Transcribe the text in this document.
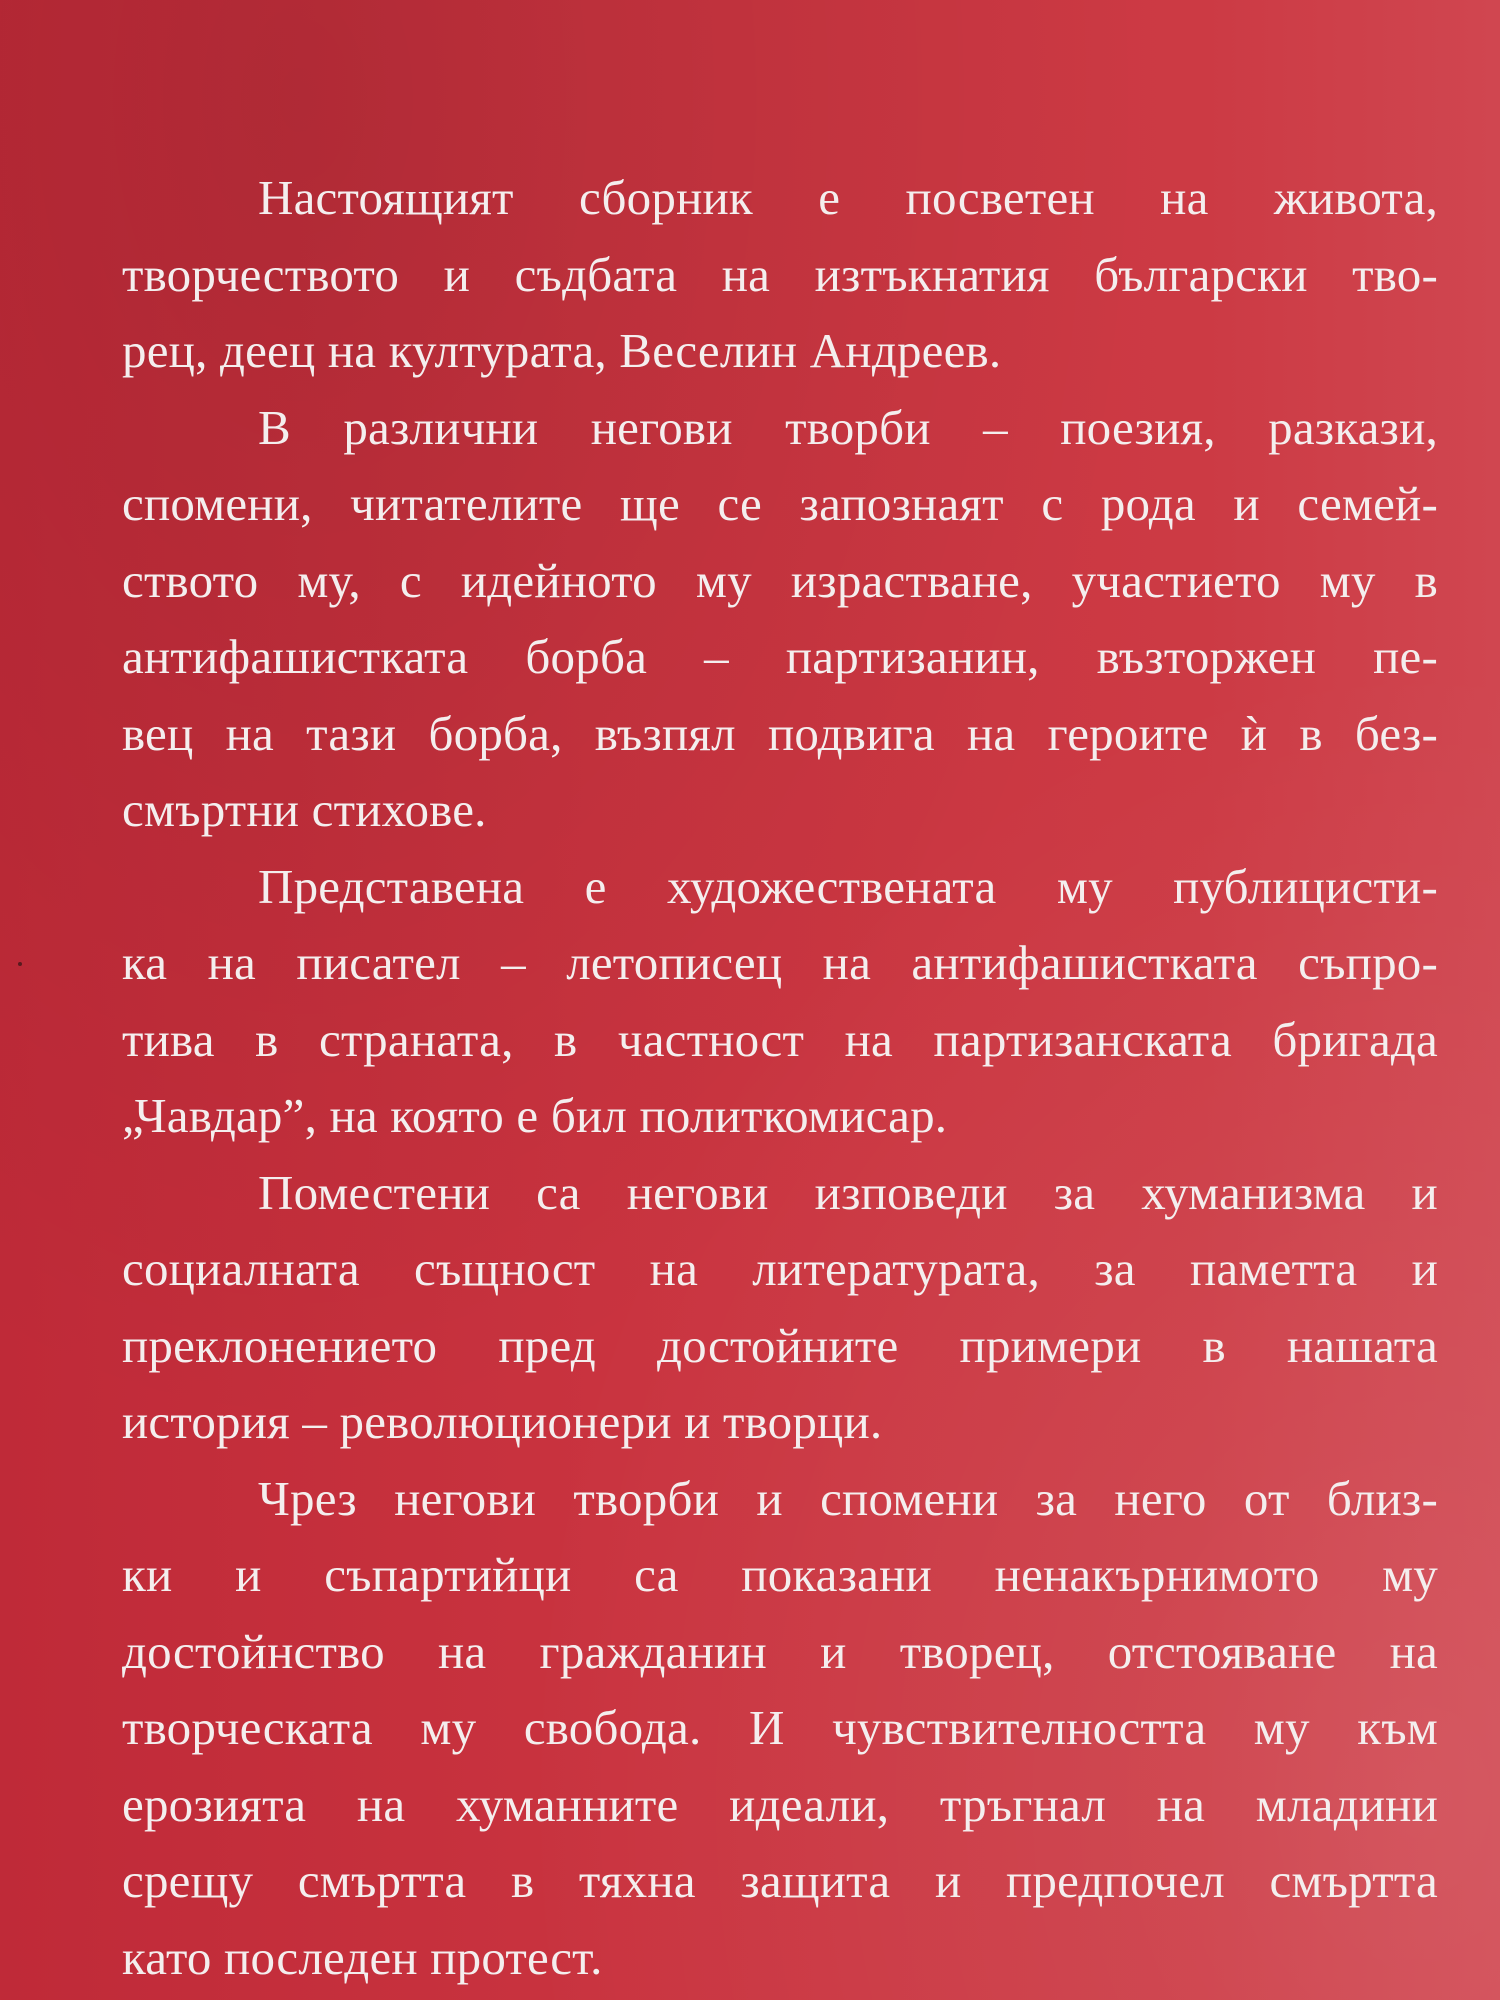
Настоящият сборник е посветен на живота,
творчеството и съдбата на изтъкнатия български тво-
рец, деец на културата, Веселин Андреев.
В различни негови творби – поезия, разкази,
спомени, читателите ще се запознаят с рода и семей-
ството му, с идейното му израстване, участието му в
антифашистката борба – партизанин, възторжен пе-
вец на тази борба, възпял подвига на героите ѝ в без-
смъртни стихове.
Представена е художествената му публицисти-
ка на писател – летописец на антифашистката съпро-
тива в страната, в частност на партизанската бригада
„Чавдар”, на която е бил политкомисар.
Поместени са негови изповеди за хуманизма и
социалната същност на литературата, за паметта и
преклонението пред достойните примери в нашата
история – революционери и творци.
Чрез негови творби и спомени за него от близ-
ки и съпартийци са показани ненакърнимото му
достойнство на гражданин и творец, отстояване на
творческата му свобода. И чувствителността му към
ерозията на хуманните идеали, тръгнал на младини
срещу смъртта в тяхна защита и предпочел смъртта
като последен протест.
